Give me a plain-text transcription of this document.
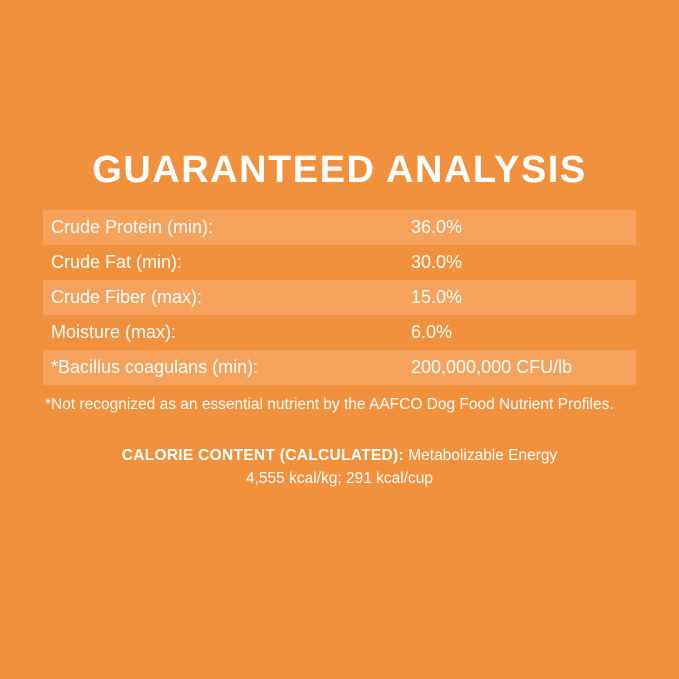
GUARANTEED ANALYSIS
Crude Protein (min):	36.0%
Crude Fat (min):	30.0%
Crude Fiber (max):	15.0%
Moisture (max):	6.0%
*Bacillus coagulans (min):	200,000,000 CFU/lb
*Not recognized as an essential nutrient by the AAFCO Dog Food Nutrient Profiles.
CALORIE CONTENT (CALCULATED): Metabolizable Energy
4,555 kcal/kg; 291 kcal/cup
